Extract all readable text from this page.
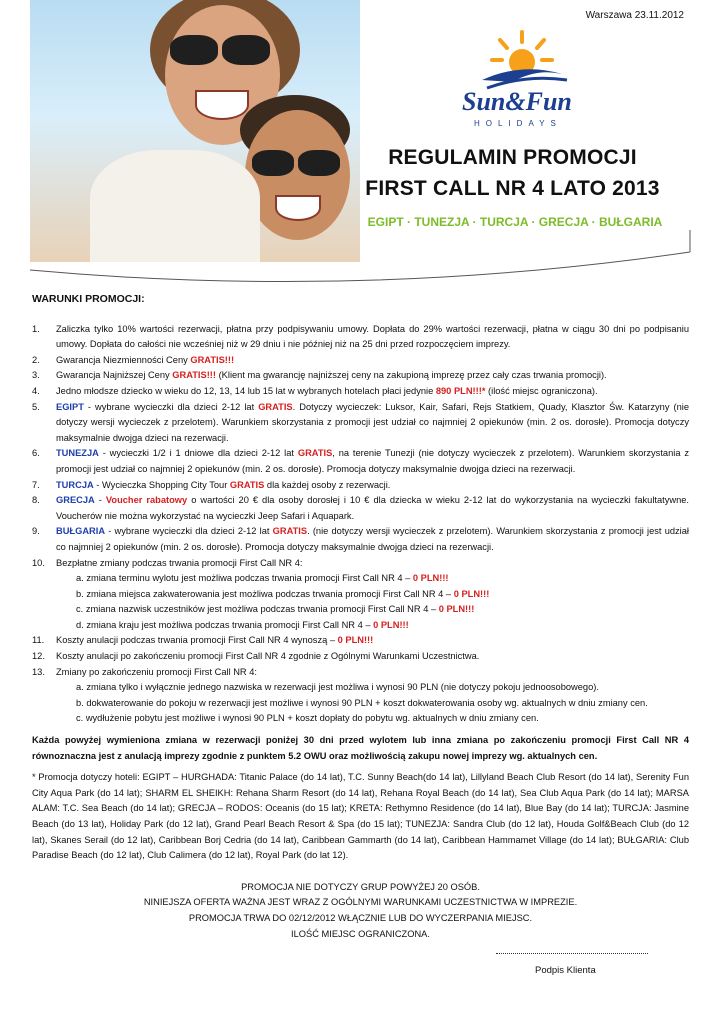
Warszawa 23.11.2012
Sun&Fun
HOLIDAYS
REGULAMIN PROMOCJI
FIRST CALL NR 4 LATO 2013
EGIPT · TUNEZJA · TURCJA · GRECJA · BUŁGARIA
WARUNKI PROMOCJI:
1.	Zaliczka tylko 10% wartości rezerwacji, płatna przy podpisywaniu umowy. Dopłata do 29% wartości rezerwacji, płatna w ciągu 30 dni po podpisaniu umowy. Dopłata do całości nie wcześniej niż w 29 dniu i nie później niż na 25 dni przed rozpoczęciem imprezy.
2.	Gwarancja Niezmienności Ceny GRATIS!!!
3.	Gwarancja Najniższej Ceny GRATIS!!! (Klient ma gwarancję najniższej ceny na zakupioną imprezę przez cały czas trwania promocji).
4.	Jedno młodsze dziecko w wieku do 12, 13, 14 lub 15 lat w wybranych hotelach płaci jedynie 890 PLN!!!* (ilość miejsc ograniczona).
5.	EGIPT - wybrane wycieczki dla dzieci 2-12 lat GRATIS. Dotyczy wycieczek: Luksor, Kair, Safari, Rejs Statkiem, Quady, Klasztor Św. Katarzyny (nie dotyczy wersji wycieczek z przelotem). Warunkiem skorzystania z promocji jest udział co najmniej 2 opiekunów (min. 2 os. dorosłe). Promocja dotyczy maksymalnie dwojga dzieci na rezerwacji.
6.	TUNEZJA - wycieczki 1/2 i 1 dniowe dla dzieci 2-12 lat GRATIS, na terenie Tunezji (nie dotyczy wycieczek z przelotem). Warunkiem skorzystania z promocji jest udział co najmniej 2 opiekunów (min. 2 os. dorosłe). Promocja dotyczy maksymalnie dwojga dzieci na rezerwacji.
7.	TURCJA - Wycieczka Shopping City Tour GRATIS dla każdej osoby z rezerwacji.
8.	GRECJA - Voucher rabatowy o wartości 20 € dla osoby dorosłej i 10 € dla dziecka w wieku 2-12 lat do wykorzystania na wycieczki fakultatywne. Voucherów nie można wykorzystać na wycieczki Jeep Safari i Aquapark.
9.	BUŁGARIA - wybrane wycieczki dla dzieci 2-12 lat GRATIS. (nie dotyczy wersji wycieczek z przelotem). Warunkiem skorzystania z promocji jest udział co najmniej 2 opiekunów (min. 2 os. dorosłe). Promocja dotyczy maksymalnie dwojga dzieci na rezerwacji.
10.	Bezpłatne zmiany podczas trwania promocji First Call NR 4:
a. zmiana terminu wylotu jest możliwa podczas trwania promocji First Call NR 4 – 0 PLN!!!
b. zmiana miejsca zakwaterowania jest możliwa podczas trwania promocji First Call NR 4 – 0 PLN!!!
c. zmiana nazwisk uczestników jest możliwa podczas trwania promocji First Call NR 4 – 0 PLN!!!
d. zmiana kraju jest możliwa podczas trwania promocji First Call NR 4 – 0 PLN!!!
11.	Koszty anulacji podczas trwania promocji First Call NR 4 wynoszą – 0 PLN!!!
12.	Koszty anulacji po zakończeniu promocji First Call NR 4 zgodnie z Ogólnymi Warunkami Uczestnictwa.
13.	Zmiany po zakończeniu promocji First Call NR 4:
a. zmiana tylko i wyłącznie jednego nazwiska w rezerwacji jest możliwa i wynosi 90 PLN (nie dotyczy pokoju jednoosobowego).
b. dokwaterowanie do pokoju w rezerwacji jest możliwe i wynosi 90 PLN + koszt dokwaterowania osoby wg. aktualnych w dniu zmiany cen.
c. wydłużenie pobytu jest możliwe i wynosi 90 PLN + koszt dopłaty do pobytu wg. aktualnych w dniu zmiany cen.
Każda powyżej wymieniona zmiana w rezerwacji poniżej 30 dni przed wylotem lub inna zmiana po zakończeniu promocji First Call NR 4 równoznaczna jest z anulacją imprezy zgodnie z punktem 5.2 OWU oraz możliwością zakupu nowej imprezy wg. aktualnych cen.
* Promocja dotyczy hoteli: EGIPT – HURGHADA: Titanic Palace (do 14 lat), T.C. Sunny Beach(do 14 lat), Lillyland Beach Club Resort (do 14 lat), Serenity Fun City Aqua Park (do 14 lat); SHARM EL SHEIKH: Rehana Sharm Resort (do 14 lat), Rehana Royal Beach (do 14 lat), Sea Club Aqua Park (do 14 lat); MARSA ALAM: T.C. Sea Beach (do 14 lat); GRECJA – RODOS: Oceanis (do 15 lat); KRETA: Rethymno Residence (do 14 lat), Blue Bay (do 14 lat); TURCJA: Jasmine Beach (do 13 lat), Holiday Park (do 12 lat), Grand Pearl Beach Resort & Spa (do 15 lat); TUNEZJA: Sandra Club (do 12 lat), Houda Golf&Beach Club (do 12 lat), Skanes Serail (do 12 lat), Caribbean Borj Cedria (do 14 lat), Caribbean Gammarth (do 14 lat), Caribbean Hammamet Village (do 14 lat); BUŁGARIA: Club Paradise Beach (do 12 lat), Club Calimera (do 12 lat), Royal Park (do lat 12).
PROMOCJA NIE DOTYCZY GRUP POWYŻEJ 20 OSÓB.
NINIEJSZA OFERTA WAŻNA JEST WRAZ Z OGÓLNYMI WARUNKAMI UCZESTNICTWA W IMPREZIE.
PROMOCJA TRWA DO 02/12/2012 WŁĄCZNIE LUB DO WYCZERPANIA MIEJSC.
ILOŚĆ MIEJSC OGRANICZONA.
Podpis Klienta
